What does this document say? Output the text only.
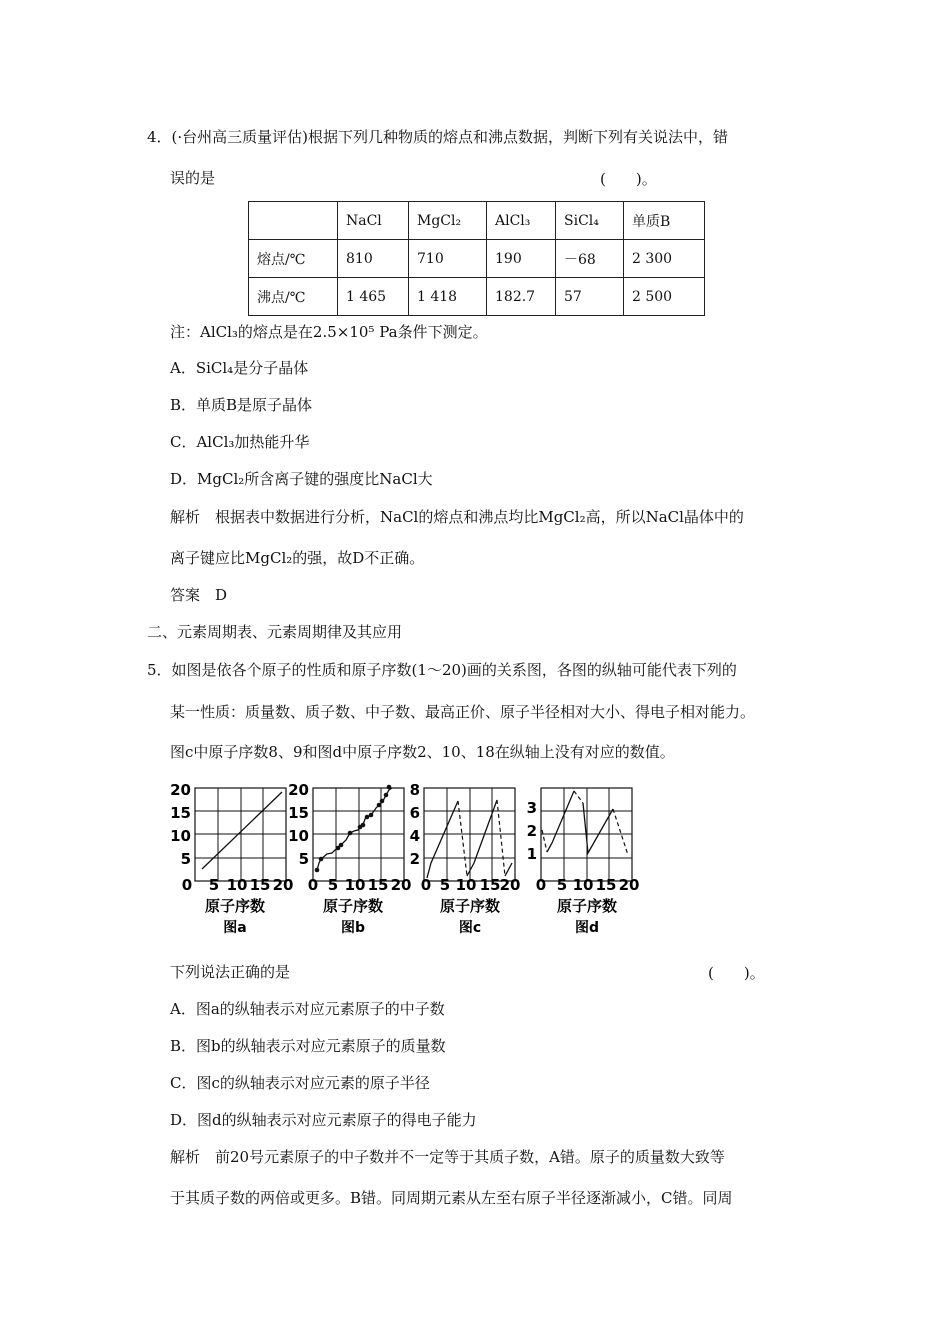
4．(·台州高三质量评估)根据下列几种物质的熔点和沸点数据，判断下列有关说法中，错
误的是	(　　)。
	NaCl	MgCl₂	AlCl₃	SiCl₄	单质B
熔点/℃	810	710	190	－68	2 300
沸点/℃	1 465	1 418	182.7	57	2 500
注：AlCl₃的熔点是在2.5×10⁵ Pa条件下测定。
A．SiCl₄是分子晶体
B．单质B是原子晶体
C．AlCl₃加热能升华
D．MgCl₂所含离子键的强度比NaCl大
解析　根据表中数据进行分析，NaCl的熔点和沸点均比MgCl₂高，所以NaCl晶体中的
离子键应比MgCl₂的强，故D不正确。
答案　D
二、元素周期表、元素周期律及其应用
5．如图是依各个原子的性质和原子序数(1～20)画的关系图，各图的纵轴可能代表下列的
某一性质：质量数、质子数、中子数、最高正价、原子半径相对大小、得电子相对能力。
图c中原子序数8、9和图d中原子序数2、10、18在纵轴上没有对应的数值。
20
15
10
5
0 5 10 15 20
原子序数
图a
20
15
10
5
0 5 10 15 20
原子序数
图b
8
6
4
2
0 5 10 15 20
原子序数
图c
3
2
1
0 5 10 15 20
原子序数
图d
下列说法正确的是	(　　)。
A．图a的纵轴表示对应元素原子的中子数
B．图b的纵轴表示对应元素原子的质量数
C．图c的纵轴表示对应元素的原子半径
D．图d的纵轴表示对应元素原子的得电子能力
解析　前20号元素原子的中子数并不一定等于其质子数，A错。原子的质量数大致等
于其质子数的两倍或更多。B错。同周期元素从左至右原子半径逐渐减小，C错。同周
